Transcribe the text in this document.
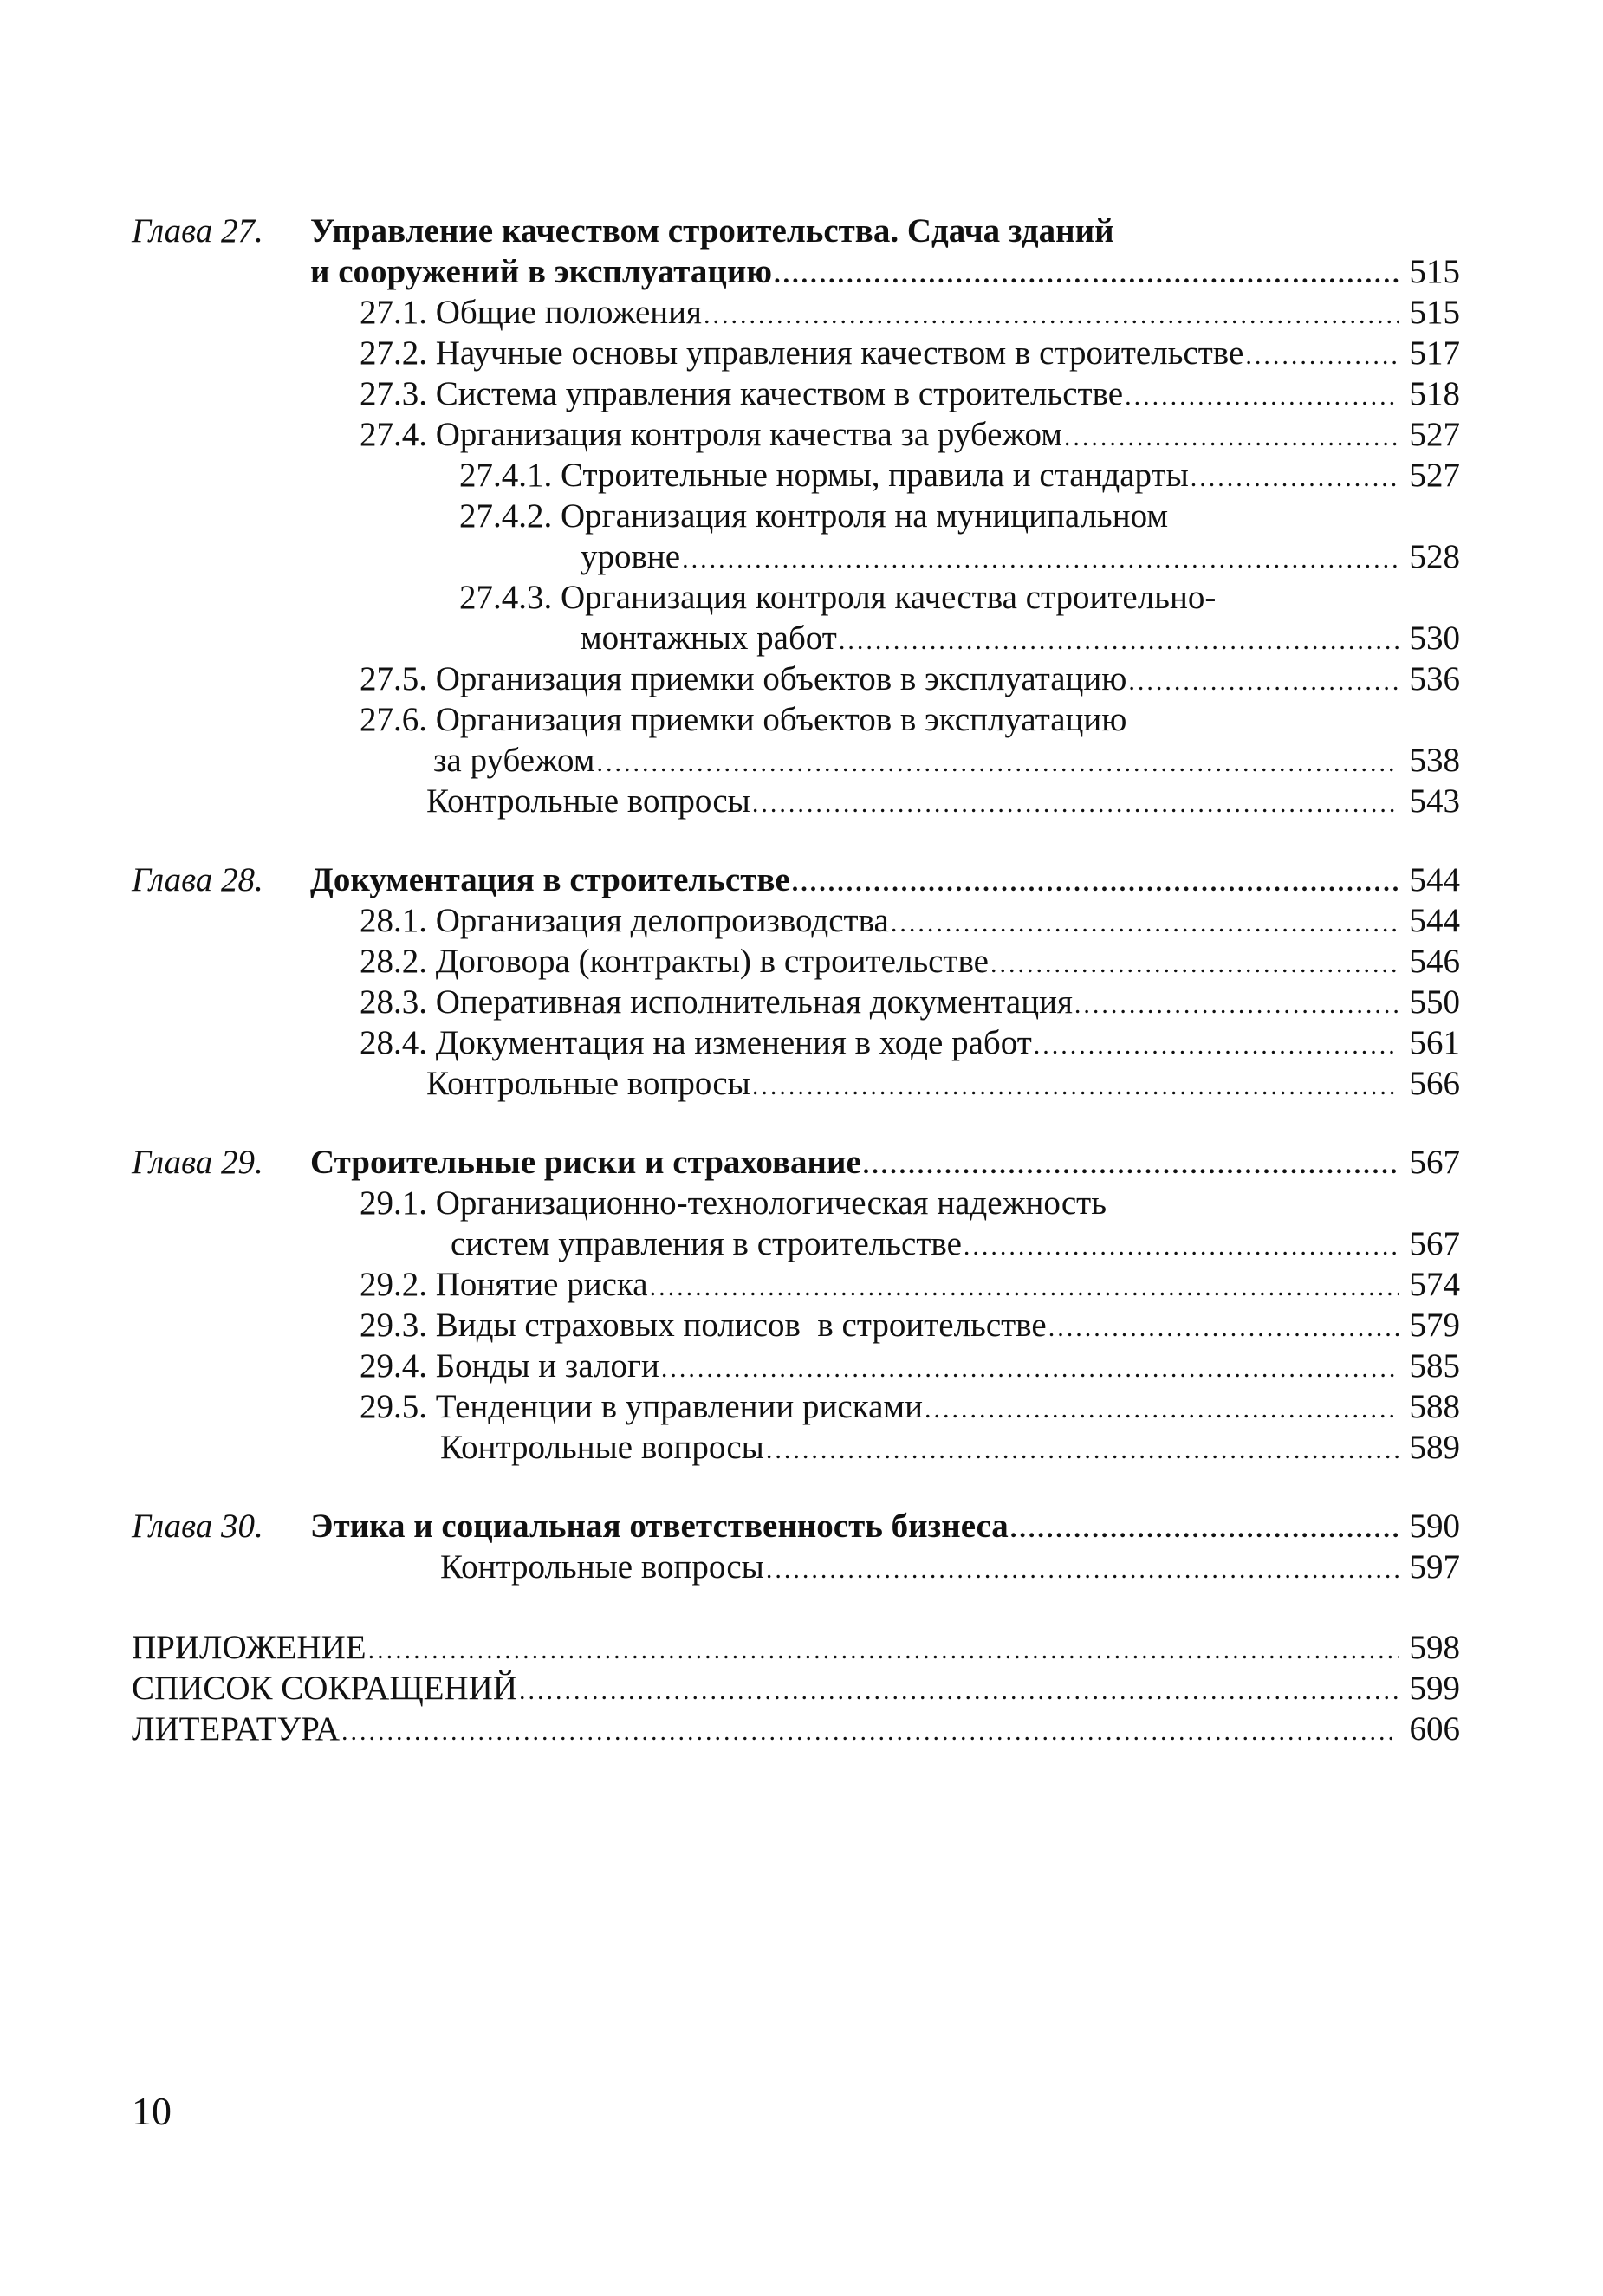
Глава 27. Управление качеством строительства. Сдача зданий
и сооружений в эксплуатацию .....	515
27.1. Общие положения .....	515
27.2. Научные основы управления качеством в строительстве .....	517
27.3. Система управления качеством в строительстве .....	518
27.4. Организация контроля качества за рубежом .....	527
27.4.1. Строительные нормы, правила и стандарты .....	527
27.4.2. Организация контроля на муниципальном
уровне .....	528
27.4.3. Организация контроля качества строительно-
монтажных работ .....	530
27.5. Организация приемки объектов в эксплуатацию .....	536
27.6. Организация приемки объектов в эксплуатацию
за рубежом .....	538
Контрольные вопросы .....	543
Глава 28. Документация в строительстве .....	544
28.1. Организация делопроизводства .....	544
28.2. Договора (контракты) в строительстве .....	546
28.3. Оперативная исполнительная документация .....	550
28.4. Документация на изменения в ходе работ .....	561
Контрольные вопросы .....	566
Глава 29. Строительные риски и страхование .....	567
29.1. Организационно-технологическая надежность
систем управления в строительстве .....	567
29.2. Понятие риска .....	574
29.3. Виды страховых полисов  в строительстве .....	579
29.4. Бонды и залоги .....	585
29.5. Тенденции в управлении рисками .....	588
Контрольные вопросы .....	589
Глава 30. Этика и социальная ответственность бизнеса .....	590
Контрольные вопросы .....	597
ПРИЛОЖЕНИЕ .....	598
СПИСОК СОКРАЩЕНИЙ .....	599
ЛИТЕРАТУРА .....	606
10
